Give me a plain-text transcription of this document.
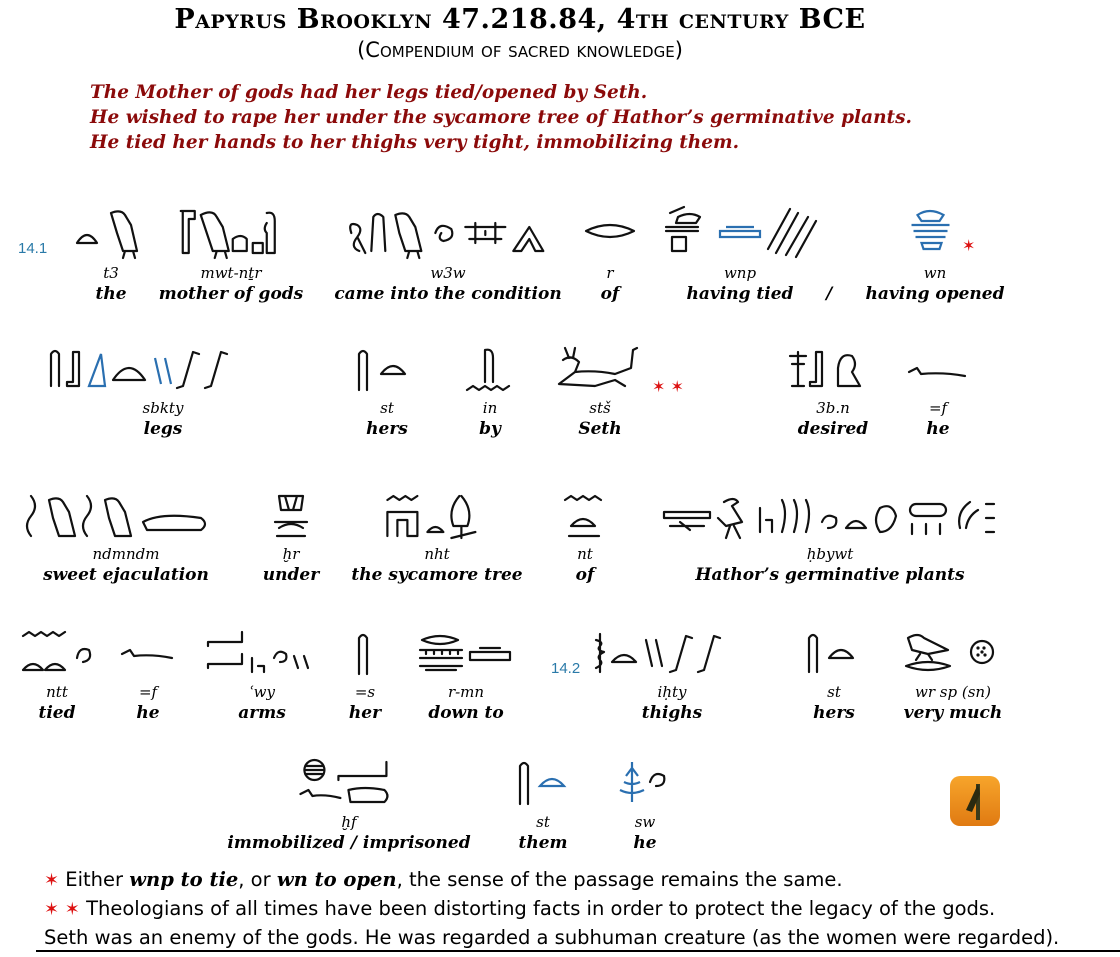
Papyrus Brooklyn 47.218.84, 4th century BCE
(Compendium of sacred knowledge)
The Mother of gods had her legs tied/opened by Seth.
He wished to rape her under the sycamore tree of Hathor’s germinative plants.
He tied her hands to her thighs very tight, immobilizing them.
14.1
14.2
t3
the
mwt-nṯr
mother of gods
w3w
came into the condition
r
of
wnp
having tied	/
wn
having opened
✶
sbkty
legs
st
hers
in
by
stš
Seth
✶ ✶
3b.n
desired
=f
he
ndmndm
sweet ejaculation
ḫr
under
nht
the sycamore tree
nt
of
ḥbywt
Hathor’s germinative plants
ntt
tied
=f
he
ʿwy
arms
=s
her
r-mn
down to
iḥty
thighs
st
hers
wr sp (sn)
very much
ḫf
immobilized / imprisoned
st
them
sw
he
✶ Either wnp to tie, or wn to open, the sense of the passage remains the same.
✶ ✶ Theologians of all times have been distorting facts in order to protect the legacy of the gods.
Seth was an enemy of the gods. He was regarded a subhuman creature (as the women were regarded).
